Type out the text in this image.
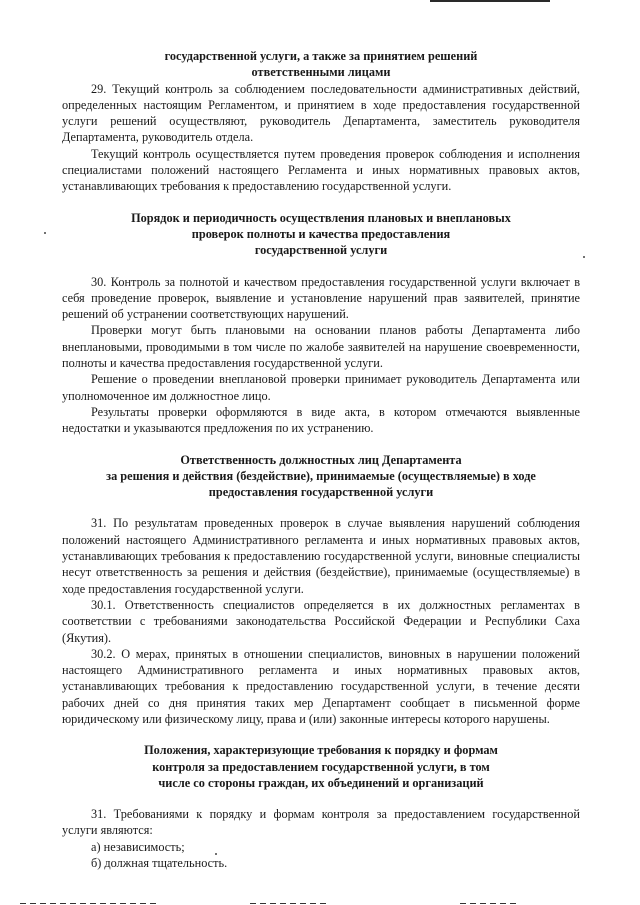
государственной услуги, а также за принятием решений

ответственными лицами

29. Текущий контроль за соблюдением последовательности административных действий, определенных настоящим Регламентом, и принятием в ходе предоставления государственной услуги решений осуществляют, руководитель Департамента, заместитель руководителя Департамента, руководитель отдела.

Текущий контроль осуществляется путем проведения проверок соблюдения и исполнения специалистами положений настоящего Регламента и иных нормативных правовых актов, устанавливающих требования к предоставлению государственной услуги.

Порядок и периодичность осуществления плановых и внеплановых

проверок полноты и качества предоставления

государственной услуги

30. Контроль за полнотой и качеством предоставления государственной услуги включает в себя проведение проверок, выявление и установление нарушений прав заявителей, принятие решений об устранении соответствующих нарушений.

Проверки могут быть плановыми на основании планов работы Департамента либо внеплановыми, проводимыми в том числе по жалобе заявителей на нарушение своевременности, полноты и качества предоставления государственной услуги.

Решение о проведении внеплановой проверки принимает руководитель Департамента или уполномоченное им должностное лицо.

Результаты проверки оформляются в виде акта, в котором отмечаются выявленные недостатки и указываются предложения по их устранению.

Ответственность должностных лиц Департамента

за решения и действия (бездействие), принимаемые (осуществляемые) в ходе

предоставления государственной услуги

31. По результатам проведенных проверок в случае выявления нарушений соблюдения положений настоящего Административного регламента и иных нормативных правовых актов, устанавливающих требования к предоставлению государственной услуги, виновные специалисты несут ответственность за решения и действия (бездействие), принимаемые (осуществляемые) в ходе предоставления государственной услуги.

30.1. Ответственность специалистов определяется в их должностных регламентах в соответствии с требованиями законодательства Российской Федерации и Республики Саха (Якутия).

30.2. О мерах, принятых в отношении специалистов, виновных в нарушении положений настоящего Административного регламента и иных нормативных правовых актов, устанавливающих требования к предоставлению государственной услуги, в течение десяти рабочих дней со дня принятия таких мер Департамент сообщает в письменной форме юридическому или физическому лицу, права и (или) законные интересы которого нарушены.

Положения, характеризующие требования к порядку и формам

контроля за предоставлением государственной услуги, в том

числе со стороны граждан, их объединений и организаций

31. Требованиями к порядку и формам контроля за предоставлением государственной услуги являются:

а) независимость;

б) должная тщательность.
